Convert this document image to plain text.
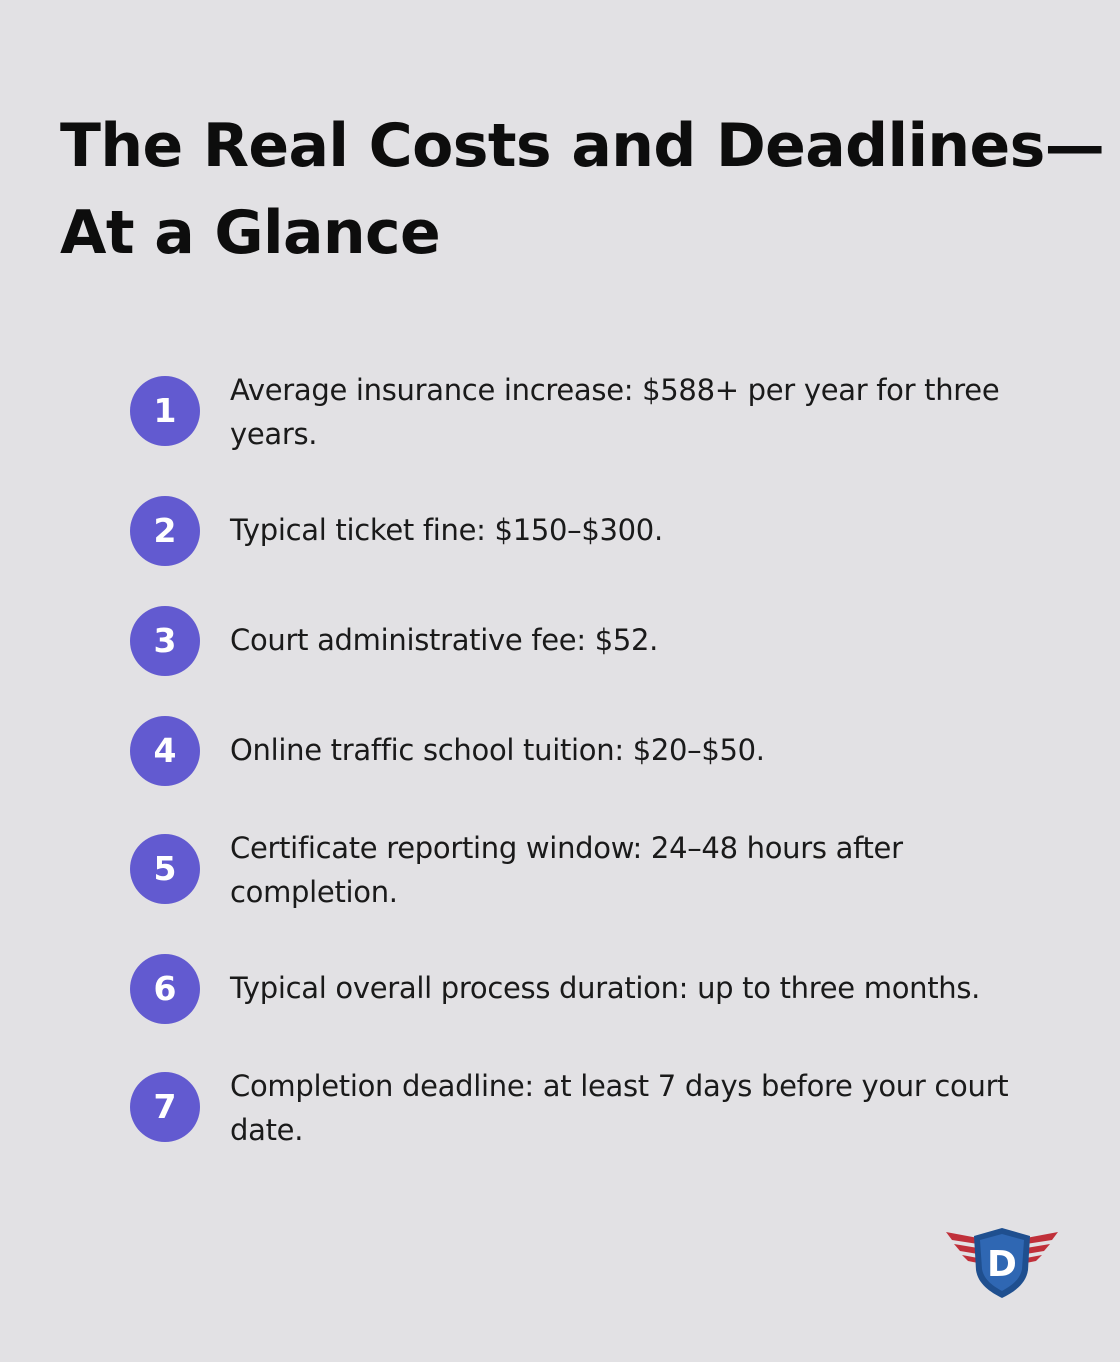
The Real Costs and Deadlines—
At a Glance
1
Average insurance increase: $588+ per year for three years.
2	Typical ticket fine: $150–$300.
3	Court administrative fee: $52.
4	Online traffic school tuition: $20–$50.
5
Certificate reporting window: 24–48 hours after completion.
6	Typical overall process duration: up to three months.
7
Completion deadline: at least 7 days before your court date.
D
